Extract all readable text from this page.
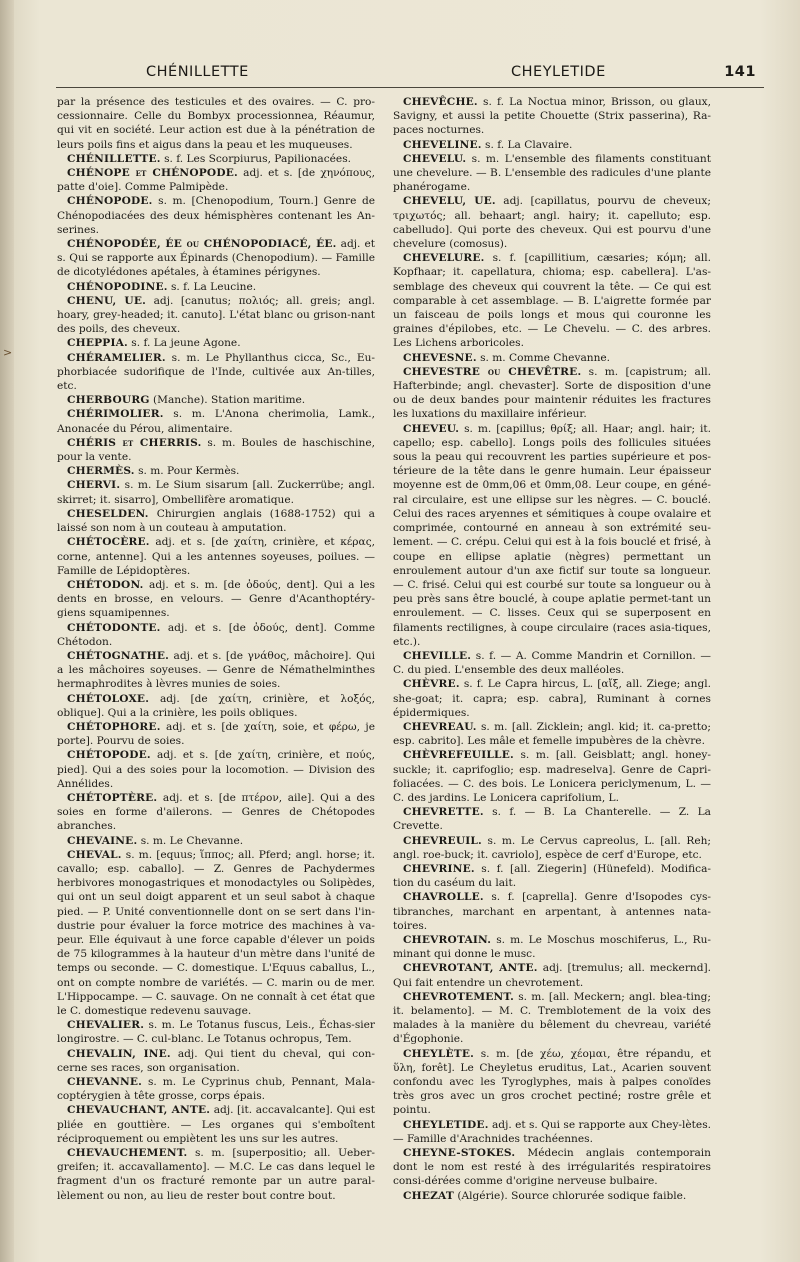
CHÉNILLETTE	CHEYLETIDE	141
>

par la présence des testicules et des ovaires. — C. pro-cessionnaire. Celle du Bombyx processionnea, Réaumur, qui vit en société. Leur action est due à la pénétration de leurs poils fins et aigus dans la peau et les muqueuses.

CHÉNILLETTE. s. f. Les Scorpiurus, Papilionacées.

CHÉNOPE et CHÉNOPODE. adj. et s. [de χηνόπους, patte d'oie]. Comme Palmipède.

CHÉNOPODE. s. m. [Chenopodium, Tourn.] Genre de Chénopodiacées des deux hémisphères contenant les An-serines.

CHÉNOPODÉE, ÉE ou CHÉNOPODIACÉ, ÉE. adj. et s. Qui se rapporte aux Épinards (Chenopodium). — Famille de dicotylédones apétales, à étamines périgynes.

CHÉNOPODINE. s. f. La Leucine.

CHENU, UE. adj. [canutus; πολιός; all. greis; angl. hoary, grey-headed; it. canuto]. L'état blanc ou grison-nant des poils, des cheveux.

CHEPPIA. s. f. La jeune Agone.

CHÉRAMELIER. s. m. Le Phyllanthus cicca, Sc., Eu-phorbiacée sudorifique de l'Inde, cultivée aux An-tilles, etc.

CHERBOURG (Manche). Station maritime.

CHÉRIMOLIER. s. m. L'Anona cherimolia, Lamk., Anonacée du Pérou, alimentaire.

CHÉRIS et CHERRIS. s. m. Boules de haschischine, pour la vente.

CHERMÈS. s. m. Pour Kermès.

CHERVI. s. m. Le Sium sisarum [all. Zuckerrübe; angl. skirret; it. sisarro], Ombellifère aromatique.

CHESELDEN. Chirurgien anglais (1688-1752) qui a laissé son nom à un couteau à amputation.

CHÉTOCÈRE. adj. et s. [de χαίτη, crinière, et κέρας, corne, antenne]. Qui a les antennes soyeuses, poilues. — Famille de Lépidoptères.

CHÉTODON. adj. et s. m. [de ὀδούς, dent]. Qui a les dents en brosse, en velours. — Genre d'Acanthoptéry-giens squamipennes.

CHÉTODONTE. adj. et s. [de ὀδούς, dent]. Comme Chétodon.

CHÉTOGNATHE. adj. et s. [de γνάθος, mâchoire]. Qui a les mâchoires soyeuses. — Genre de Némathelminthes hermaphrodites à lèvres munies de soies.

CHÉTOLOXE. adj. [de χαίτη, crinière, et λοξός, oblique]. Qui a la crinière, les poils obliques.

CHÉTOPHORE. adj. et s. [de χαίτη, soie, et φέρω, je porte]. Pourvu de soies.

CHÉTOPODE. adj. et s. [de χαίτη, crinière, et πούς, pied]. Qui a des soies pour la locomotion. — Division des Annélides.

CHÉTOPTÈRE. adj. et s. [de πτέρον, aile]. Qui a des soies en forme d'ailerons. — Genres de Chétopodes abranches.

CHEVAINE. s. m. Le Chevanne.

CHEVAL. s. m. [equus; ἵππος; all. Pferd; angl. horse; it. cavallo; esp. caballo]. — Z. Genres de Pachydermes herbivores monogastriques et monodactyles ou Solipèdes, qui ont un seul doigt apparent et un seul sabot à chaque pied. — P. Unité conventionnelle dont on se sert dans l'in-dustrie pour évaluer la force motrice des machines à va-peur. Elle équivaut à une force capable d'élever un poids de 75 kilogrammes à la hauteur d'un mètre dans l'unité de temps ou seconde. — C. domestique. L'Equus caballus, L., ont on compte nombre de variétés. — C. marin ou de mer. L'Hippocampe. — C. sauvage. On ne connaît à cet état que le C. domestique redevenu sauvage.

CHEVALIER. s. m. Le Totanus fuscus, Leis., Échas-sier longirostre. — C. cul-blanc. Le Totanus ochropus, Tem.

CHEVALIN, INE. adj. Qui tient du cheval, qui con-cerne ses races, son organisation.

CHEVANNE. s. m. Le Cyprinus chub, Pennant, Mala-coptérygien à tête grosse, corps épais.

CHEVAUCHANT, ANTE. adj. [it. accavalcante]. Qui est pliée en gouttière. — Les organes qui s'emboîtent réciproquement ou empiètent les uns sur les autres.

CHEVAUCHEMENT. s. m. [superpositio; all. Ueber-greifen; it. accavallamento]. — M.C. Le cas dans lequel le fragment d'un os fracturé remonte par un autre paral-lèlement ou non, au lieu de rester bout contre bout.

CHEVÊCHE. s. f. La Noctua minor, Brisson, ou glaux, Savigny, et aussi la petite Chouette (Strix passerina), Ra-paces nocturnes.

CHEVELINE. s. f. La Clavaire.

CHEVELU. s. m. L'ensemble des filaments constituant une chevelure. — B. L'ensemble des radicules d'une plante phanérogame.

CHEVELU, UE. adj. [capillatus, pourvu de cheveux; τριχωτός; all. behaart; angl. hairy; it. capelluto; esp. cabelludo]. Qui porte des cheveux. Qui est pourvu d'une chevelure (comosus).

CHEVELURE. s. f. [capillitium, cæsaries; κόμη; all. Kopfhaar; it. capellatura, chioma; esp. cabellera]. L'as-semblage des cheveux qui couvrent la tête. — Ce qui est comparable à cet assemblage. — B. L'aigrette formée par un faisceau de poils longs et mous qui couronne les graines d'épilobes, etc. — Le Chevelu. — C. des arbres. Les Lichens arboricoles.

CHEVESNE. s. m. Comme Chevanne.

CHEVESTRE ou CHEVÊTRE. s. m. [capistrum; all. Hafterbinde; angl. chevaster]. Sorte de disposition d'une ou de deux bandes pour maintenir réduites les fractures les luxations du maxillaire inférieur.

CHEVEU. s. m. [capillus; θρίξ; all. Haar; angl. hair; it. capello; esp. cabello]. Longs poils des follicules situées sous la peau qui recouvrent les parties supérieure et pos-térieure de la tête dans le genre humain. Leur épaisseur moyenne est de 0mm,06 et 0mm,08. Leur coupe, en géné-ral circulaire, est une ellipse sur les nègres. — C. bouclé. Celui des races aryennes et sémitiques à coupe ovalaire et comprimée, contourné en anneau à son extrémité seu-lement. — C. crépu. Celui qui est à la fois bouclé et frisé, à coupe en ellipse aplatie (nègres) permettant un enroulement autour d'un axe fictif sur toute sa longueur. — C. frisé. Celui qui est courbé sur toute sa longueur ou à peu près sans être bouclé, à coupe aplatie permet-tant un enroulement. — C. lisses. Ceux qui se superposent en filaments rectilignes, à coupe circulaire (races asia-tiques, etc.).

CHEVILLE. s. f. — A. Comme Mandrin et Cornillon. — C. du pied. L'ensemble des deux malléoles.

CHÈVRE. s. f. Le Capra hircus, L. [αἴξ, all. Ziege; angl. she-goat; it. capra; esp. cabra], Ruminant à cornes épidermiques.

CHEVREAU. s. m. [all. Zicklein; angl. kid; it. ca-pretto; esp. cabrito]. Les mâle et femelle impubères de la chèvre.

CHÈVREFEUILLE. s. m. [all. Geisblatt; angl. honey-suckle; it. caprifoglio; esp. madreselva]. Genre de Capri-foliacées. — C. des bois. Le Lonicera periclymenum, L. — C. des jardins. Le Lonicera caprifolium, L.

CHEVRETTE. s. f. — B. La Chanterelle. — Z. La Crevette.

CHEVREUIL. s. m. Le Cervus capreolus, L. [all. Reh; angl. roe-buck; it. cavriolo], espèce de cerf d'Europe, etc.

CHEVRINE. s. f. [all. Ziegerin] (Hünefeld). Modifica-tion du caséum du lait.

CHAVROLLE. s. f. [caprella]. Genre d'Isopodes cys-tibranches, marchant en arpentant, à antennes nata-toires.

CHEVROTAIN. s. m. Le Moschus moschiferus, L., Ru-minant qui donne le musc.

CHEVROTANT, ANTE. adj. [tremulus; all. meckernd]. Qui fait entendre un chevrotement.

CHEVROTEMENT. s. m. [all. Meckern; angl. blea-ting; it. belamento]. — M. C. Tremblotement de la voix des malades à la manière du bêlement du chevreau, variété d'Égophonie.

CHEYLÈTE. s. m. [de χέω, χέομαι, être répandu, et ὕλη, forêt]. Le Cheyletus eruditus, Lat., Acarien souvent confondu avec les Tyroglyphes, mais à palpes conoïdes très gros avec un gros crochet pectiné; rostre grêle et pointu.

CHEYLETIDE. adj. et s. Qui se rapporte aux Chey-lètes. — Famille d'Arachnides trachéennes.

CHEYNE-STOKES. Médecin anglais contemporain dont le nom est resté à des irrégularités respiratoires consi-dérées comme d'origine nerveuse bulbaire.

CHEZAT (Algérie). Source chlorurée sodique faible.
